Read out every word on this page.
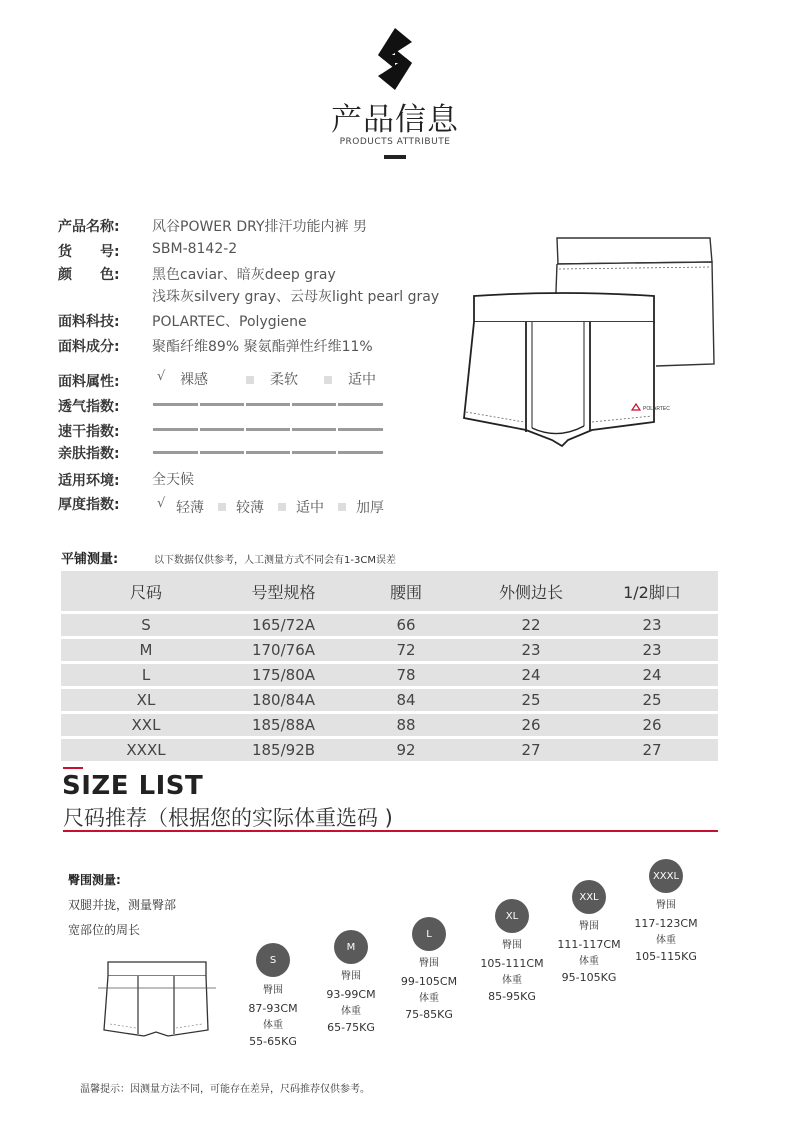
产品信息
PRODUCTS ATTRIBUTE
产品名称: 风谷POWER DRY排汗功能内裤 男
货　　号: SBM-8142-2
颜　　色: 黑色caviar、暗灰deep gray
浅珠灰silvery gray、云母灰light pearl gray
面料科技: POLARTEC、Polygiene
面料成分: 聚酯纤维89% 聚氨酯弹性纤维11%
面料属性:	√ 裸感	柔软	适中
透气指数:
速干指数:
亲肤指数:
适用环境: 全天候
厚度指数:	√ 轻薄 较薄 适中 加厚
POLARTEC
平铺测量:	以下数据仅供参考，人工测量方式不同会有1-3CM误差
尺码	号型规格	腰围	外侧边长	1/2脚口
S	165/72A	66	22	23
M	170/76A	72	23	23
L	175/80A	78	24	24
XL	180/84A	84	25	25
XXL	185/88A	88	26	26
XXXL	185/92B	92	27	27
SIZE LIST
尺码推荐（根据您的实际体重选码 )
臀围测量:
双腿并拢，测量臀部
宽部位的周长
S
臀围
87-93CM
体重
55-65KG
M
臀围
93-99CM
体重
65-75KG
L
臀围
99-105CM
体重
75-85KG
XL
臀围
105-111CM
体重
85-95KG
XXL
臀围
111-117CM
体重
95-105KG
XXXL
臀围
117-123CM
体重
105-115KG
温馨提示：因测量方法不同，可能存在差异，尺码推荐仅供参考。
